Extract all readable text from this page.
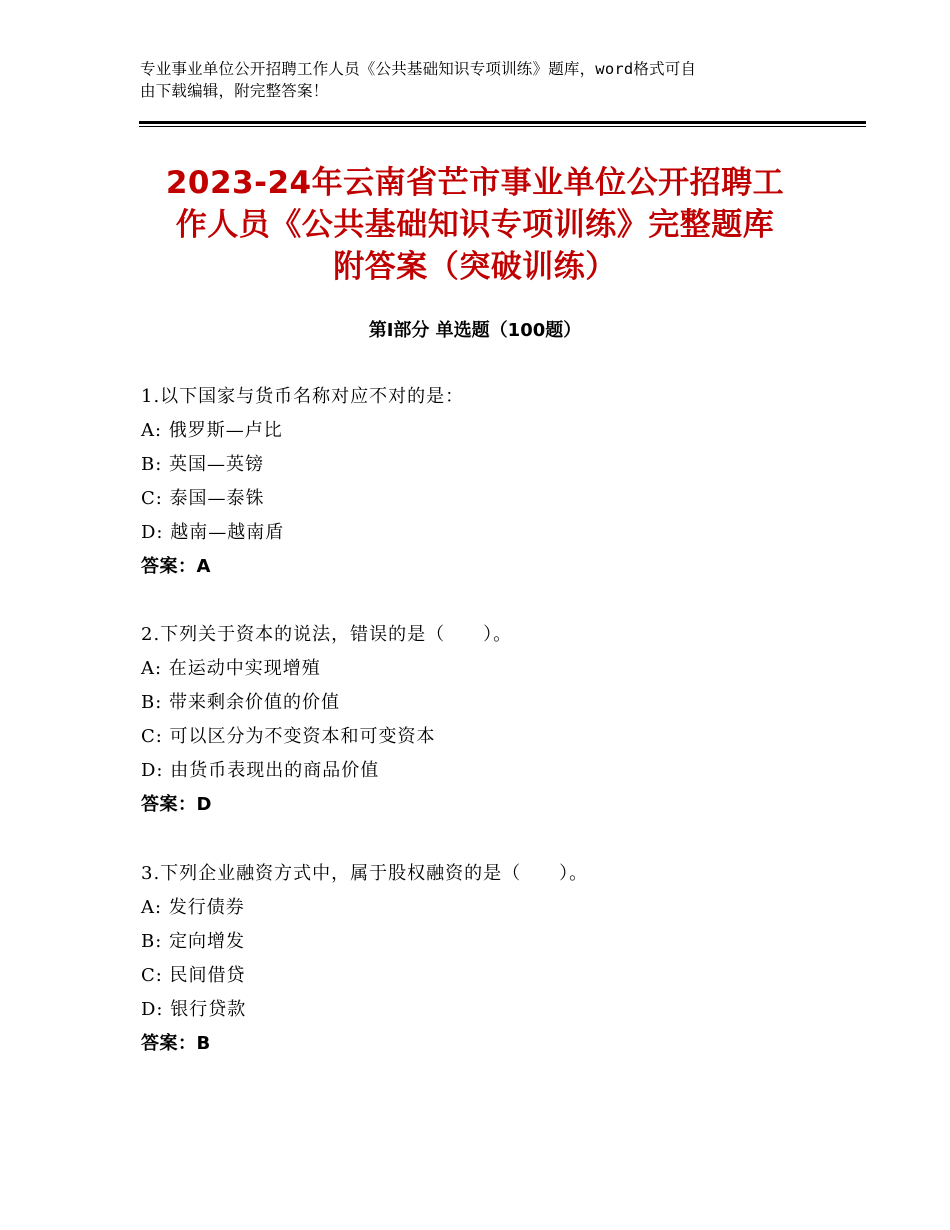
专业事业单位公开招聘工作人员《公共基础知识专项训练》题库，word格式可自
由下载编辑，附完整答案！
2023-24年云南省芒市事业单位公开招聘工
作人员《公共基础知识专项训练》完整题库
附答案（突破训练）
第Ⅰ部分 单选题（100题）
1.以下国家与货币名称对应不对的是：
A: 俄罗斯—卢比
B: 英国—英镑
C: 泰国—泰铢
D: 越南—越南盾
答案：A
2.下列关于资本的说法，错误的是（　　）。
A: 在运动中实现增殖
B: 带来剩余价值的价值
C: 可以区分为不变资本和可变资本
D: 由货币表现出的商品价值
答案：D
3.下列企业融资方式中，属于股权融资的是（　　）。
A: 发行债券
B: 定向增发
C: 民间借贷
D: 银行贷款
答案：B
